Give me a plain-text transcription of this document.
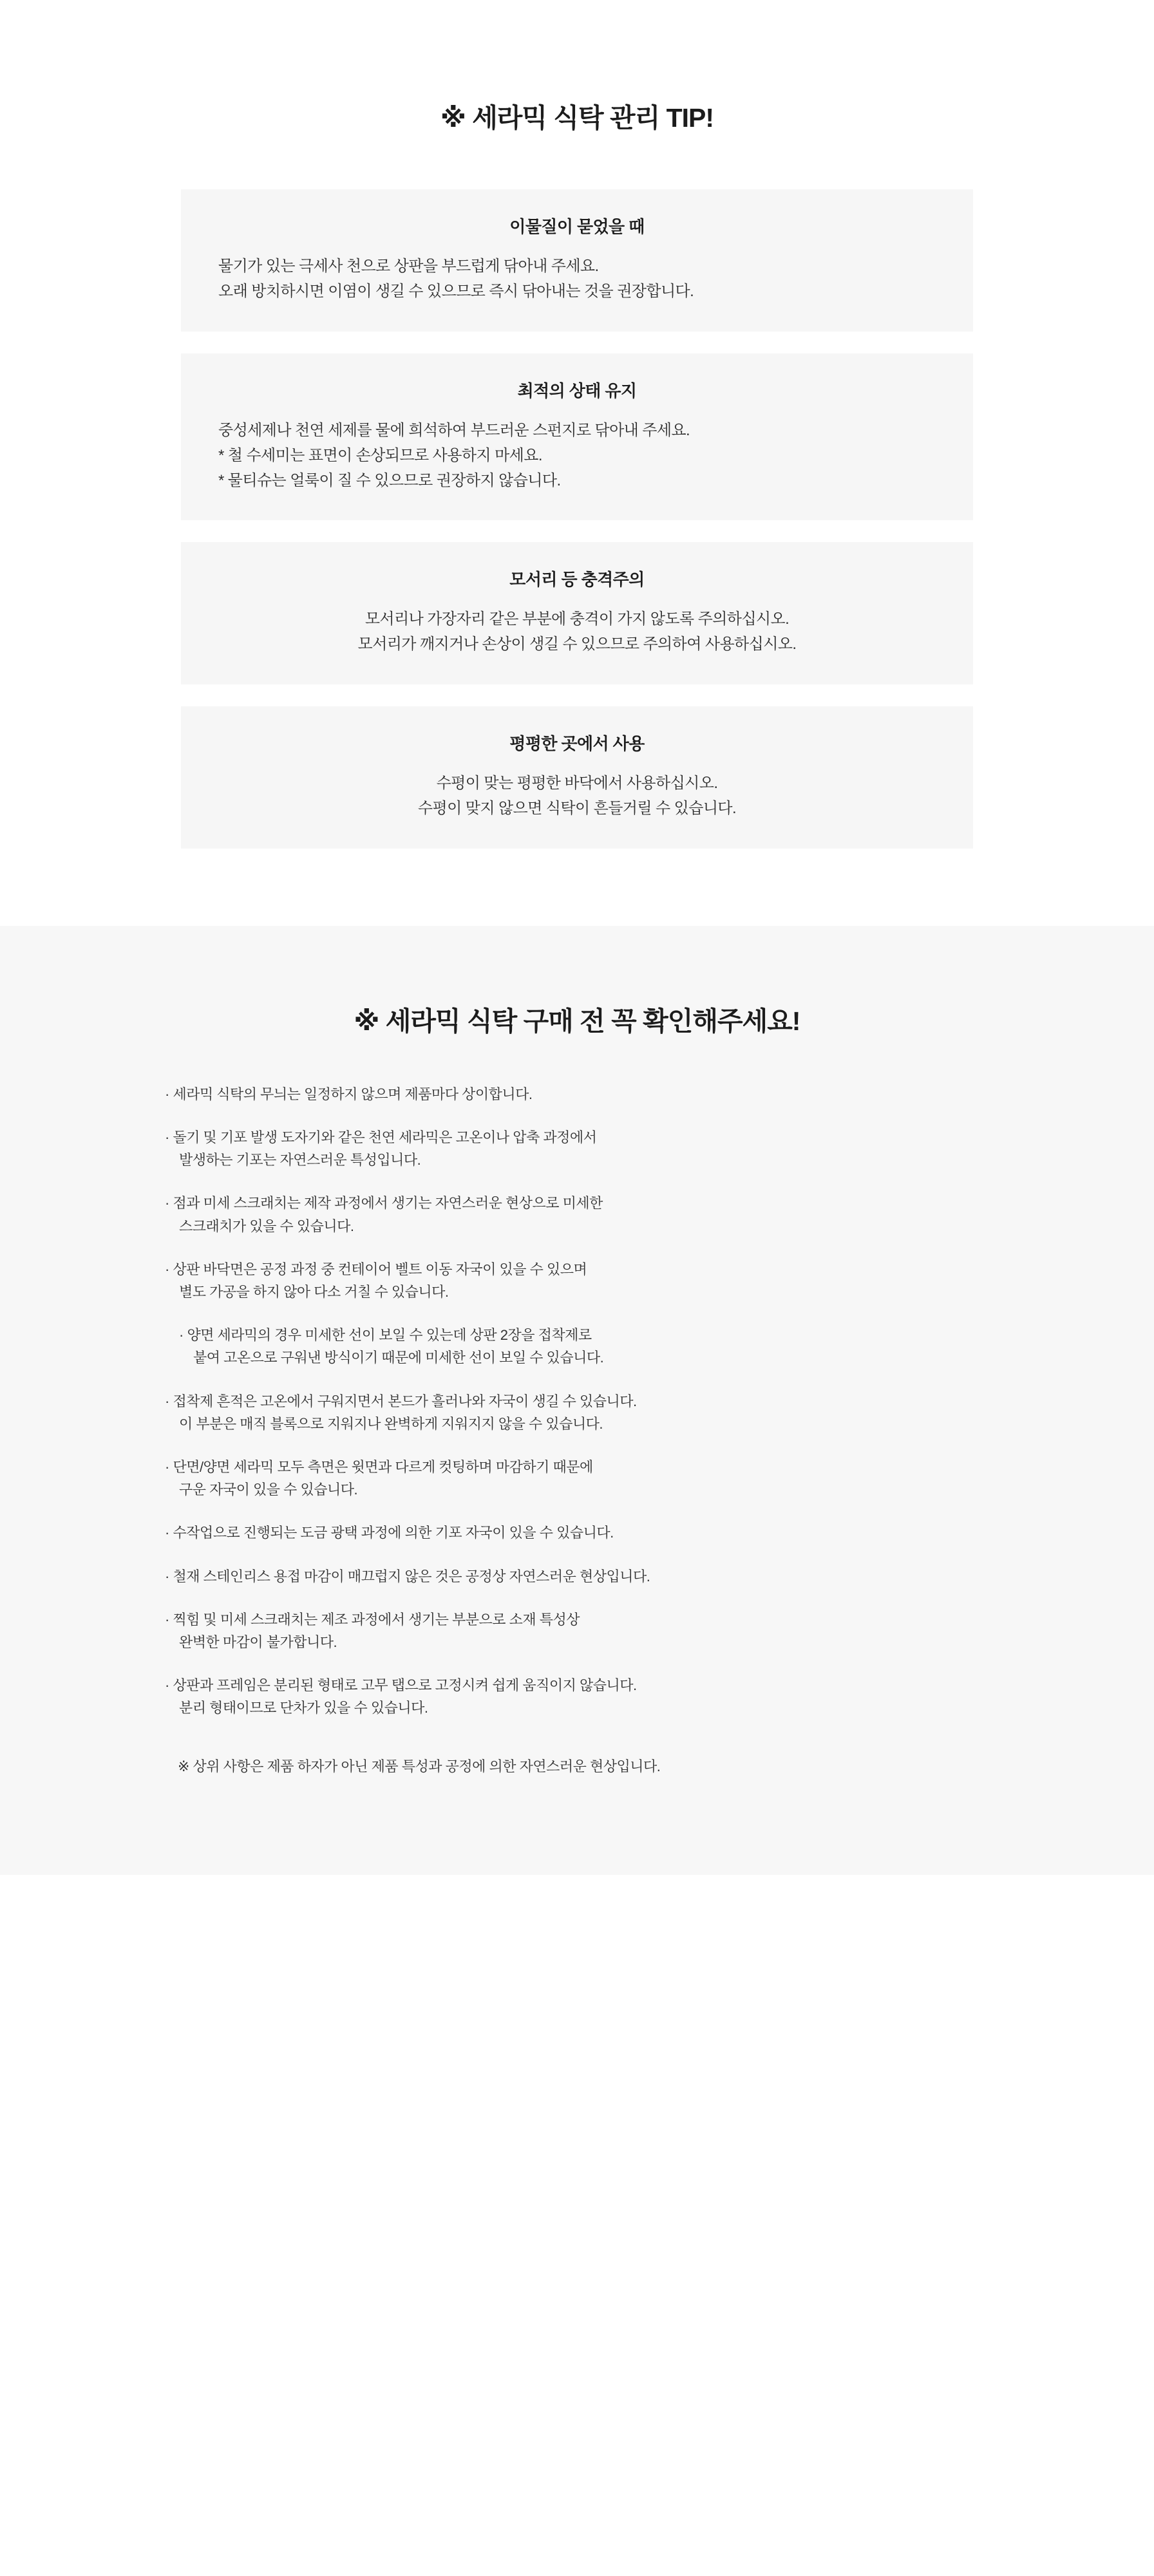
※ 세라믹 식탁 관리 TIP!
이물질이 묻었을 때
물기가 있는 극세사 천으로 상판을 부드럽게 닦아내 주세요.
오래 방치하시면 이염이 생길 수 있으므로 즉시 닦아내는 것을 권장합니다.
최적의 상태 유지
중성세제나 천연 세제를 물에 희석하여 부드러운 스펀지로 닦아내 주세요.
* 철 수세미는 표면이 손상되므로 사용하지 마세요.
* 물티슈는 얼룩이 질 수 있으므로 권장하지 않습니다.
모서리 등 충격주의
모서리나 가장자리 같은 부분에 충격이 가지 않도록 주의하십시오.
모서리가 깨지거나 손상이 생길 수 있으므로 주의하여 사용하십시오.
평평한 곳에서 사용
수평이 맞는 평평한 바닥에서 사용하십시오.
수평이 맞지 않으면 식탁이 흔들거릴 수 있습니다.
※ 세라믹 식탁 구매 전 꼭 확인해주세요!
· 세라믹 식탁의 무늬는 일정하지 않으며 제품마다 상이합니다.
· 돌기 및 기포 발생 도자기와 같은 천연 세라믹은 고온이나 압축 과정에서
발생하는 기포는 자연스러운 특성입니다.
· 점과 미세 스크래치는 제작 과정에서 생기는 자연스러운 현상으로 미세한
스크래치가 있을 수 있습니다.
· 상판 바닥면은 공정 과정 중 컨테이어 벨트 이동 자국이 있을 수 있으며
별도 가공을 하지 않아 다소 거칠 수 있습니다.
· 양면 세라믹의 경우 미세한 선이 보일 수 있는데 상판 2장을 접착제로
붙여 고온으로 구워낸 방식이기 때문에 미세한 선이 보일 수 있습니다.
· 접착제 흔적은 고온에서 구워지면서 본드가 흘러나와 자국이 생길 수 있습니다.
이 부분은 매직 블록으로 지워지나 완벽하게 지워지지 않을 수 있습니다.
· 단면/양면 세라믹 모두 측면은 윗면과 다르게 컷팅하며 마감하기 때문에
구운 자국이 있을 수 있습니다.
· 수작업으로 진행되는 도금 광택 과정에 의한 기포 자국이 있을 수 있습니다.
· 철재 스테인리스 용접 마감이 매끄럽지 않은 것은 공정상 자연스러운 현상입니다.
· 찍힘 및 미세 스크래치는 제조 과정에서 생기는 부분으로 소재 특성상
완벽한 마감이 불가합니다.
· 상판과 프레임은 분리된 형태로 고무 탭으로 고정시켜 쉽게 움직이지 않습니다.
분리 형태이므로 단차가 있을 수 있습니다.
※ 상위 사항은 제품 하자가 아닌 제품 특성과 공정에 의한 자연스러운 현상입니다.
